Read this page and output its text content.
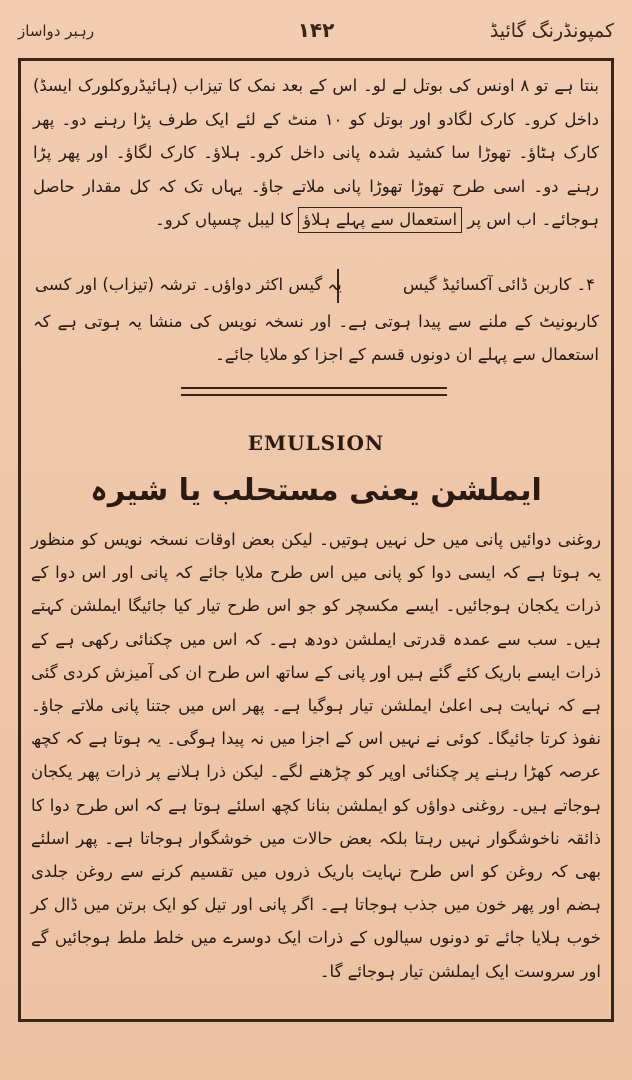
کمپونڈرنگ گائیڈ
۱۴۲
رہبر دواساز
بنتا ہے تو ۸ اونس کی بوتل لے لو۔ اس کے بعد نمک کا تیزاب (ہائیڈروکلورک ایسڈ) داخل کرو۔ کارک لگادو اور بوتل کو ۱۰ منٹ کے لئے ایک طرف پڑا رہنے دو۔ پھر کارک ہٹاؤ۔ تھوڑا سا کشید شدہ پانی داخل کرو۔ ہلاؤ۔ کارک لگاؤ۔ اور پھر پڑا رہنے دو۔ اسی طرح تھوڑا تھوڑا پانی ملاتے جاؤ۔ یہاں تک کہ کل مقدار حاصل ہوجائے۔ اب اس پر استعمال سے پہلے ہلاؤ کا لیبل چسپاں کرو۔
۴۔ کاربن ڈائی آکسائیڈ گیس
یہ گیس اکثر دواؤں۔ ترشہ (تیزاب) اور کسی
کاربونیٹ کے ملنے سے پیدا ہوتی ہے۔ اور نسخہ نویس کی منشا یہ ہوتی ہے کہ استعمال سے پہلے ان دونوں قسم کے اجزا کو ملایا جائے۔
EMULSION
ایملشن یعنی مستحلب یا شیرہ
روغنی دوائیں پانی میں حل نہیں ہوتیں۔ لیکن بعض اوقات نسخہ نویس کو منظور یہ ہوتا ہے کہ ایسی دوا کو پانی میں اس طرح ملایا جائے کہ پانی اور اس دوا کے ذرات یکجان ہوجائیں۔ ایسے مکسچر کو جو اس طرح تیار کیا جائیگا ایملشن کہتے ہیں۔ سب سے عمدہ قدرتی ایملشن دودھ ہے۔ کہ اس میں چکنائی رکھی ہے کے ذرات ایسے باریک کئے گئے ہیں اور پانی کے ساتھ اس طرح ان کی آمیزش کردی گئی ہے کہ نہایت ہی اعلیٰ ایملشن تیار ہوگیا ہے۔ پھر اس میں جتنا پانی ملاتے جاؤ۔ نفوذ کرتا جائیگا۔ کوئی نے نہیں اس کے اجزا میں نہ پیدا ہوگی۔ یہ ہوتا ہے کہ کچھ عرصہ کھڑا رہنے پر چکنائی اوپر کو چڑھنے لگے۔ لیکن ذرا ہلانے پر ذرات پھر یکجان ہوجاتے ہیں۔ روغنی دواؤں کو ایملشن بنانا کچھ اسلئے ہوتا ہے کہ اس طرح دوا کا ذائقہ ناخوشگوار نہیں رہتا بلکہ بعض حالات میں خوشگوار ہوجاتا ہے۔ پھر اسلئے بھی کہ روغن کو اس طرح نہایت باریک ذروں میں تقسیم کرنے سے روغن جلدی ہضم اور پھر خون میں جذب ہوجاتا ہے۔ اگر پانی اور تیل کو ایک برتن میں ڈال کر خوب ہلایا جائے تو دونوں سیالوں کے ذرات ایک دوسرے میں خلط ملط ہوجائیں گے اور سروست ایک ایملشن تیار ہوجائے گا۔
